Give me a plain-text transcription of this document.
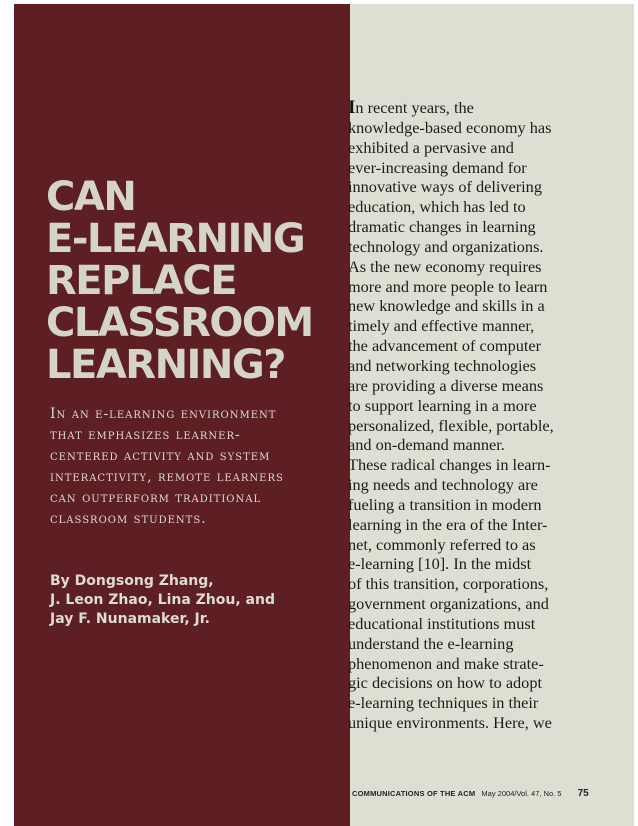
CAN
E-LEARNING
REPLACE
CLASSROOM
LEARNING?

In an e-learning environment
that emphasizes learner-
centered activity and system
interactivity, remote learners
can outperform traditional
classroom students.

By Dongsong Zhang,
J. Leon Zhao, Lina Zhou, and
Jay F. Nunamaker, Jr.

In recent years, the
knowledge-based economy has
exhibited a pervasive and
ever-increasing demand for
innovative ways of delivering
education, which has led to
dramatic changes in learning
technology and organizations.
As the new economy requires
more and more people to learn
new knowledge and skills in a
timely and effective manner,
the advancement of computer
and networking technologies
are providing a diverse means
to support learning in a more
personalized, flexible, portable,
and on-demand manner.
These radical changes in learn-
ing needs and technology are
fueling a transition in modern
learning in the era of the Inter-
net, commonly referred to as
e-learning [10]. In the midst
of this transition, corporations,
government organizations, and
educational institutions must
understand the e-learning
phenomenon and make strate-
gic decisions on how to adopt
e-learning techniques in their
unique environments. Here, we

COMMUNICATIONS OF THE ACM May 2004/Vol. 47, No. 5 75
